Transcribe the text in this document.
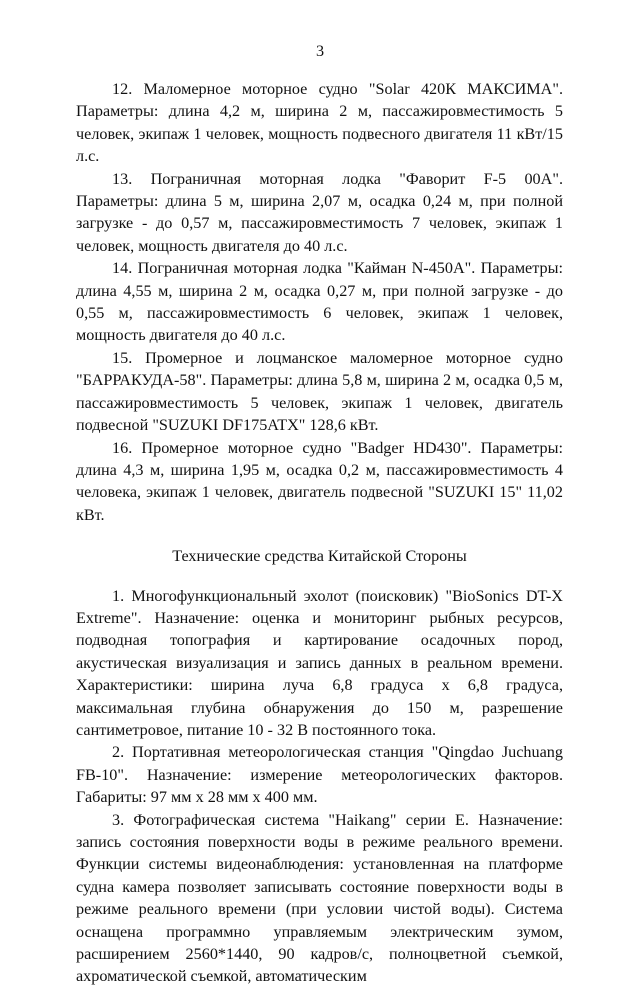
3

12. Маломерное моторное судно "Solar 420К МАКСИМА". Параметры: длина 4,2 м, ширина 2 м, пассажировместимость 5 человек, экипаж 1 человек, мощность подвесного двигателя 11 кВт/15 л.с.

13. Пограничная моторная лодка "Фаворит F-5 00А". Параметры: длина 5 м, ширина 2,07 м, осадка 0,24 м, при полной загрузке - до 0,57 м, пассажировместимость 7 человек, экипаж 1 человек, мощность двигателя до 40 л.с.

14. Пограничная моторная лодка "Кайман N-450А". Параметры: длина 4,55 м, ширина 2 м, осадка 0,27 м, при полной загрузке - до 0,55 м, пассажировместимость 6 человек, экипаж 1 человек, мощность двигателя до 40 л.с.

15. Промерное и лоцманское маломерное моторное судно "БАРРАКУДА-58". Параметры: длина 5,8 м, ширина 2 м, осадка 0,5 м, пассажировместимость 5 человек, экипаж 1 человек, двигатель подвесной "SUZUKI DF175ATX" 128,6 кВт.

16. Промерное моторное судно "Badger HD430". Параметры: длина 4,3 м, ширина 1,95 м, осадка 0,2 м, пассажировместимость 4 человека, экипаж 1 человек, двигатель подвесной "SUZUKI 15" 11,02 кВт.

Технические средства Китайской Стороны

1. Многофункциональный эхолот (поисковик) "BioSonics DT-X Extreme". Назначение: оценка и мониторинг рыбных ресурсов, подводная топография и картирование осадочных пород, акустическая визуализация и запись данных в реальном времени. Характеристики: ширина луча 6,8 градуса x 6,8 градуса, максимальная глубина обнаружения до 150 м, разрешение сантиметровое, питание 10 - 32 В постоянного тока.

2. Портативная метеорологическая станция "Qingdao Juchuang FB-10". Назначение: измерение метеорологических факторов. Габариты: 97 мм x 28 мм x 400 мм.

3. Фотографическая система "Haikang" серии E. Назначение: запись состояния поверхности воды в режиме реального времени. Функции системы видеонаблюдения: установленная на платформе судна камера позволяет записывать состояние поверхности воды в режиме реального времени (при условии чистой воды). Система оснащена программно управляемым электрическим зумом, расширением 2560*1440, 90 кадров/с, полноцветной съемкой, ахроматической съемкой, автоматическим
